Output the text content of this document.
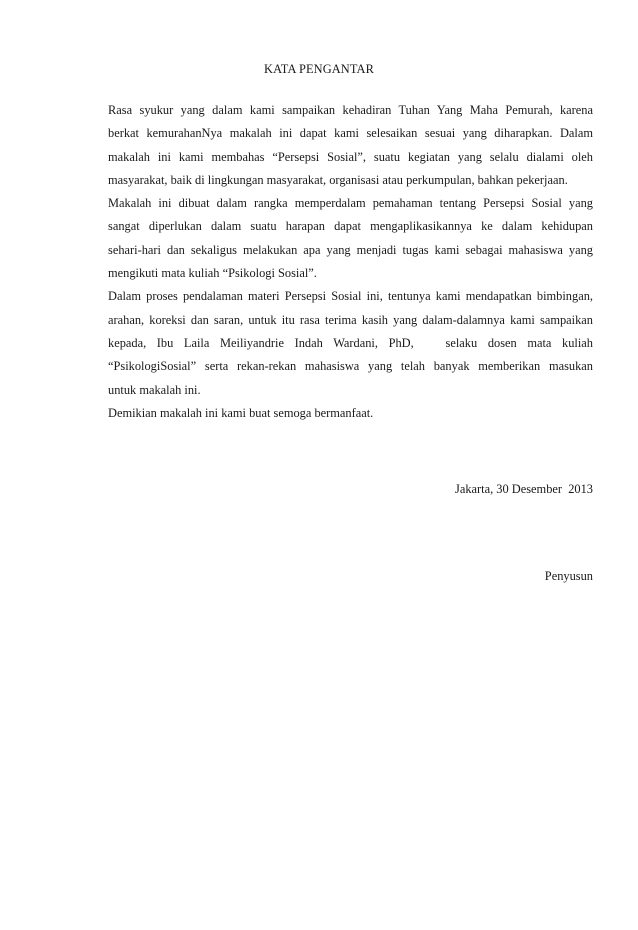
KATA PENGANTAR
Rasa syukur yang dalam kami sampaikan kehadiran Tuhan Yang Maha Pemurah, karena
berkat kemurahanNya makalah ini dapat kami selesaikan sesuai yang diharapkan. Dalam
makalah ini kami membahas “Persepsi Sosial”, suatu kegiatan yang selalu dialami oleh
masyarakat, baik di lingkungan masyarakat, organisasi atau perkumpulan, bahkan pekerjaan.
Makalah ini dibuat dalam rangka memperdalam pemahaman tentang Persepsi Sosial yang
sangat diperlukan dalam suatu harapan dapat mengaplikasikannya ke dalam kehidupan
sehari-hari dan sekaligus melakukan apa yang menjadi tugas kami sebagai mahasiswa yang
mengikuti mata kuliah “Psikologi Sosial”.
Dalam proses pendalaman materi Persepsi Sosial ini, tentunya kami mendapatkan bimbingan,
arahan, koreksi dan saran, untuk itu rasa terima kasih yang dalam-dalamnya kami sampaikan
kepada, Ibu Laila Meiliyandrie Indah Wardani, PhD,   selaku dosen mata kuliah
“PsikologiSosial” serta rekan-rekan mahasiswa yang telah banyak memberikan masukan
untuk makalah ini.
Demikian makalah ini kami buat semoga bermanfaat.
Jakarta, 30 Desember  2013
Penyusun
